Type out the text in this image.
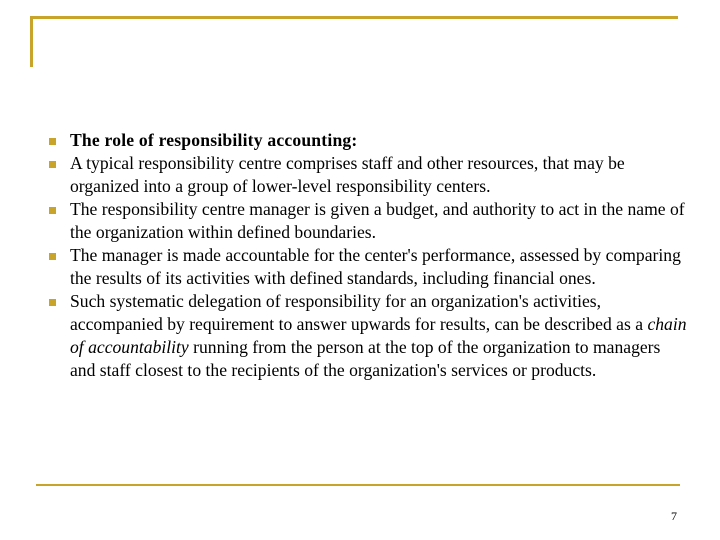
The role of responsibility accounting:
A typical responsibility centre comprises staff and other resources, that may be organized into a group of lower-level responsibility centers.
The responsibility centre manager is given a budget, and authority to act in the name of the organization within defined boundaries.
The manager is made accountable for the center's performance, assessed by comparing the results of its activities with defined standards, including financial ones.
Such systematic delegation of responsibility for an organization's activities, accompanied by requirement to answer upwards for results, can be described as a chain of accountability running from the person at the top of the organization to managers and staff closest to the recipients of the organization's services or products.
7
